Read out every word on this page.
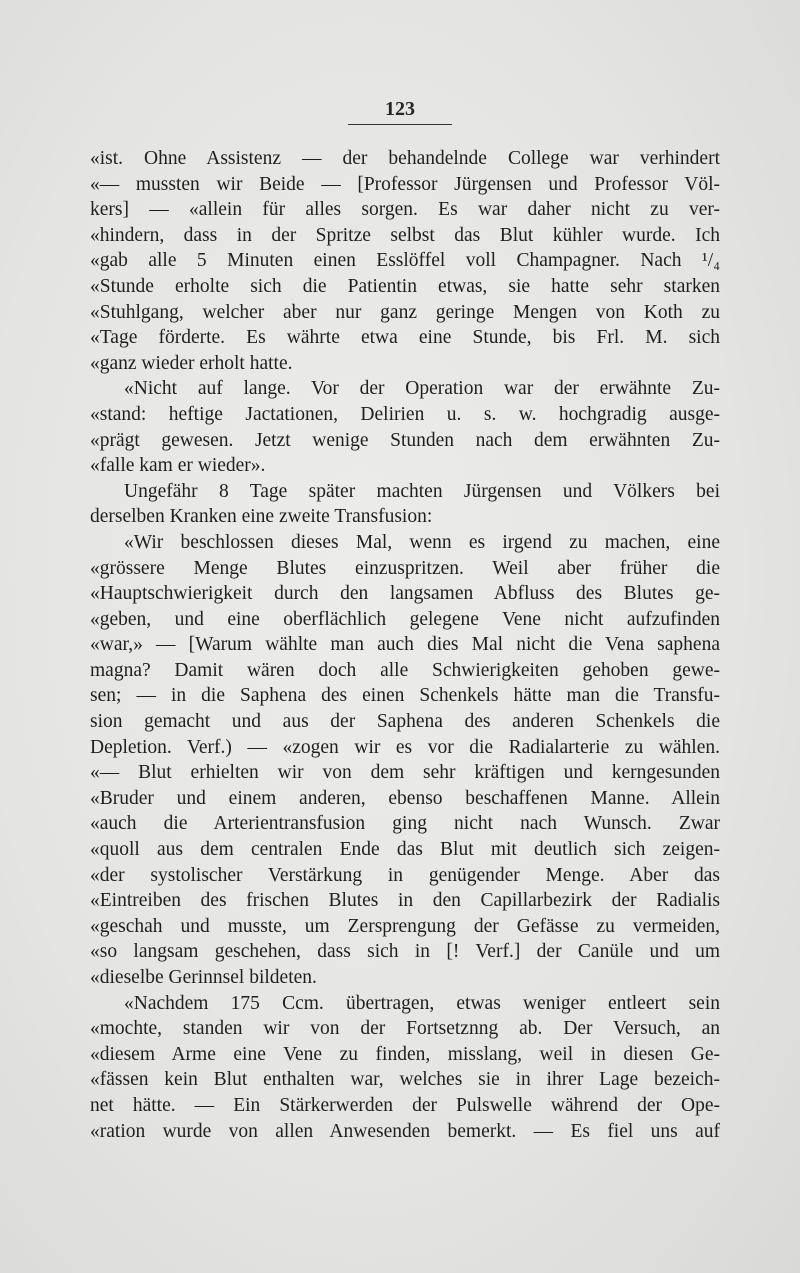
123
«ist. Ohne Assistenz — der behandelnde College war verhindert
«— mussten wir Beide — [Professor Jürgensen und Professor Völ-
kers] — «allein für alles sorgen. Es war daher nicht zu ver-
«hindern, dass in der Spritze selbst das Blut kühler wurde. Ich
«gab alle 5 Minuten einen Esslöffel voll Champagner. Nach ¹/₄
«Stunde erholte sich die Patientin etwas, sie hatte sehr starken
«Stuhlgang, welcher aber nur ganz geringe Mengen von Koth zu
«Tage förderte. Es währte etwa eine Stunde, bis Frl. M. sich
«ganz wieder erholt hatte.
«Nicht auf lange. Vor der Operation war der erwähnte Zu-
«stand: heftige Jactationen, Delirien u. s. w. hochgradig ausge-
«prägt gewesen. Jetzt wenige Stunden nach dem erwähnten Zu-
«falle kam er wieder».
Ungefähr 8 Tage später machten Jürgensen und Völkers bei
derselben Kranken eine zweite Transfusion:
«Wir beschlossen dieses Mal, wenn es irgend zu machen, eine
«grössere Menge Blutes einzuspritzen. Weil aber früher die
«Hauptschwierigkeit durch den langsamen Abfluss des Blutes ge-
«geben, und eine oberflächlich gelegene Vene nicht aufzufinden
«war,» — [Warum wählte man auch dies Mal nicht die Vena saphena
magna? Damit wären doch alle Schwierigkeiten gehoben gewe-
sen; — in die Saphena des einen Schenkels hätte man die Transfu-
sion gemacht und aus der Saphena des anderen Schenkels die
Depletion. Verf.) — «zogen wir es vor die Radialarterie zu wählen.
«— Blut erhielten wir von dem sehr kräftigen und kerngesunden
«Bruder und einem anderen, ebenso beschaffenen Manne. Allein
«auch die Arterientransfusion ging nicht nach Wunsch. Zwar
«quoll aus dem centralen Ende das Blut mit deutlich sich zeigen-
«der systolischer Verstärkung in genügender Menge. Aber das
«Eintreiben des frischen Blutes in den Capillarbezirk der Radialis
«geschah und musste, um Zersprengung der Gefässe zu vermeiden,
«so langsam geschehen, dass sich in [! Verf.] der Canüle und um
«dieselbe Gerinnsel bildeten.
«Nachdem 175 Ccm. übertragen, etwas weniger entleert sein
«mochte, standen wir von der Fortsetznng ab. Der Versuch, an
«diesem Arme eine Vene zu finden, misslang, weil in diesen Ge-
«fässen kein Blut enthalten war, welches sie in ihrer Lage bezeich-
net hätte. — Ein Stärkerwerden der Pulswelle während der Ope-
«ration wurde von allen Anwesenden bemerkt. — Es fiel uns auf
